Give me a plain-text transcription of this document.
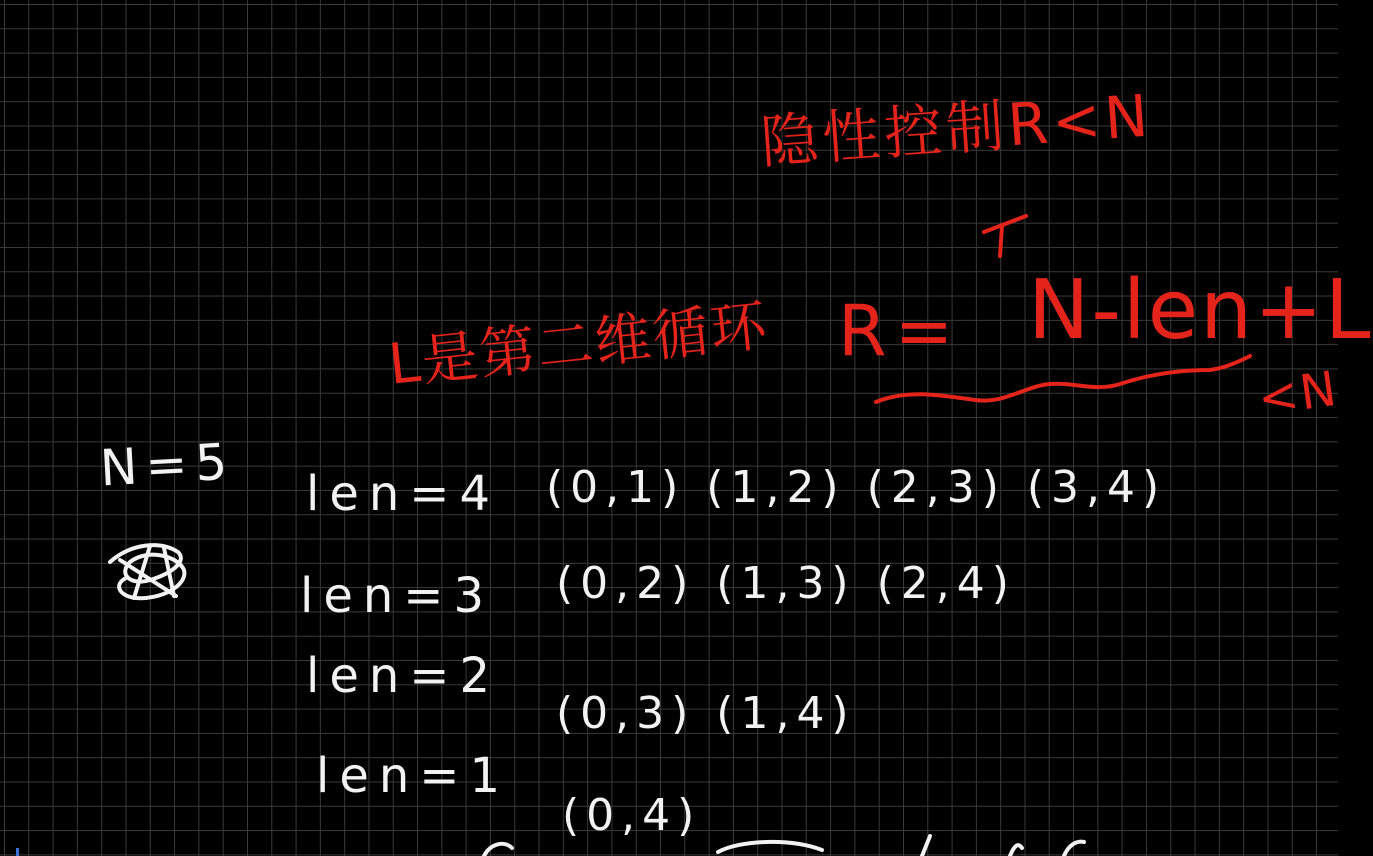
隐性控制R<N
L是第二维循环 R= N-len+L
<N
N=5 len=4 (0,1) (1,2) (2,3) (3,4)
len=3 (0,2) (1,3) (2,4)
len=2
(0,3) (1,4)
len=1
(0,4)
